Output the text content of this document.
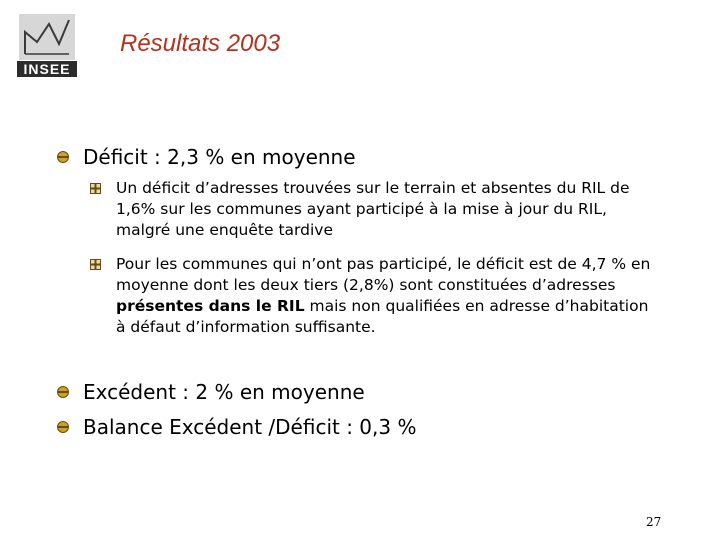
INSEE
Résultats 2003
Déficit : 2,3 % en moyenne
Un déficit d’adresses trouvées sur le terrain et absentes du RIL de 1,6% sur les communes ayant participé à la mise à jour du RIL, malgré une enquête tardive
Pour les communes qui n’ont pas participé, le déficit est de 4,7 % en moyenne dont les deux tiers (2,8%) sont constituées d’adresses présentes dans le RIL mais non qualifiées en adresse d’habitation à défaut d’information suffisante.
Excédent : 2 % en moyenne
Balance Excédent /Déficit : 0,3 %
27
